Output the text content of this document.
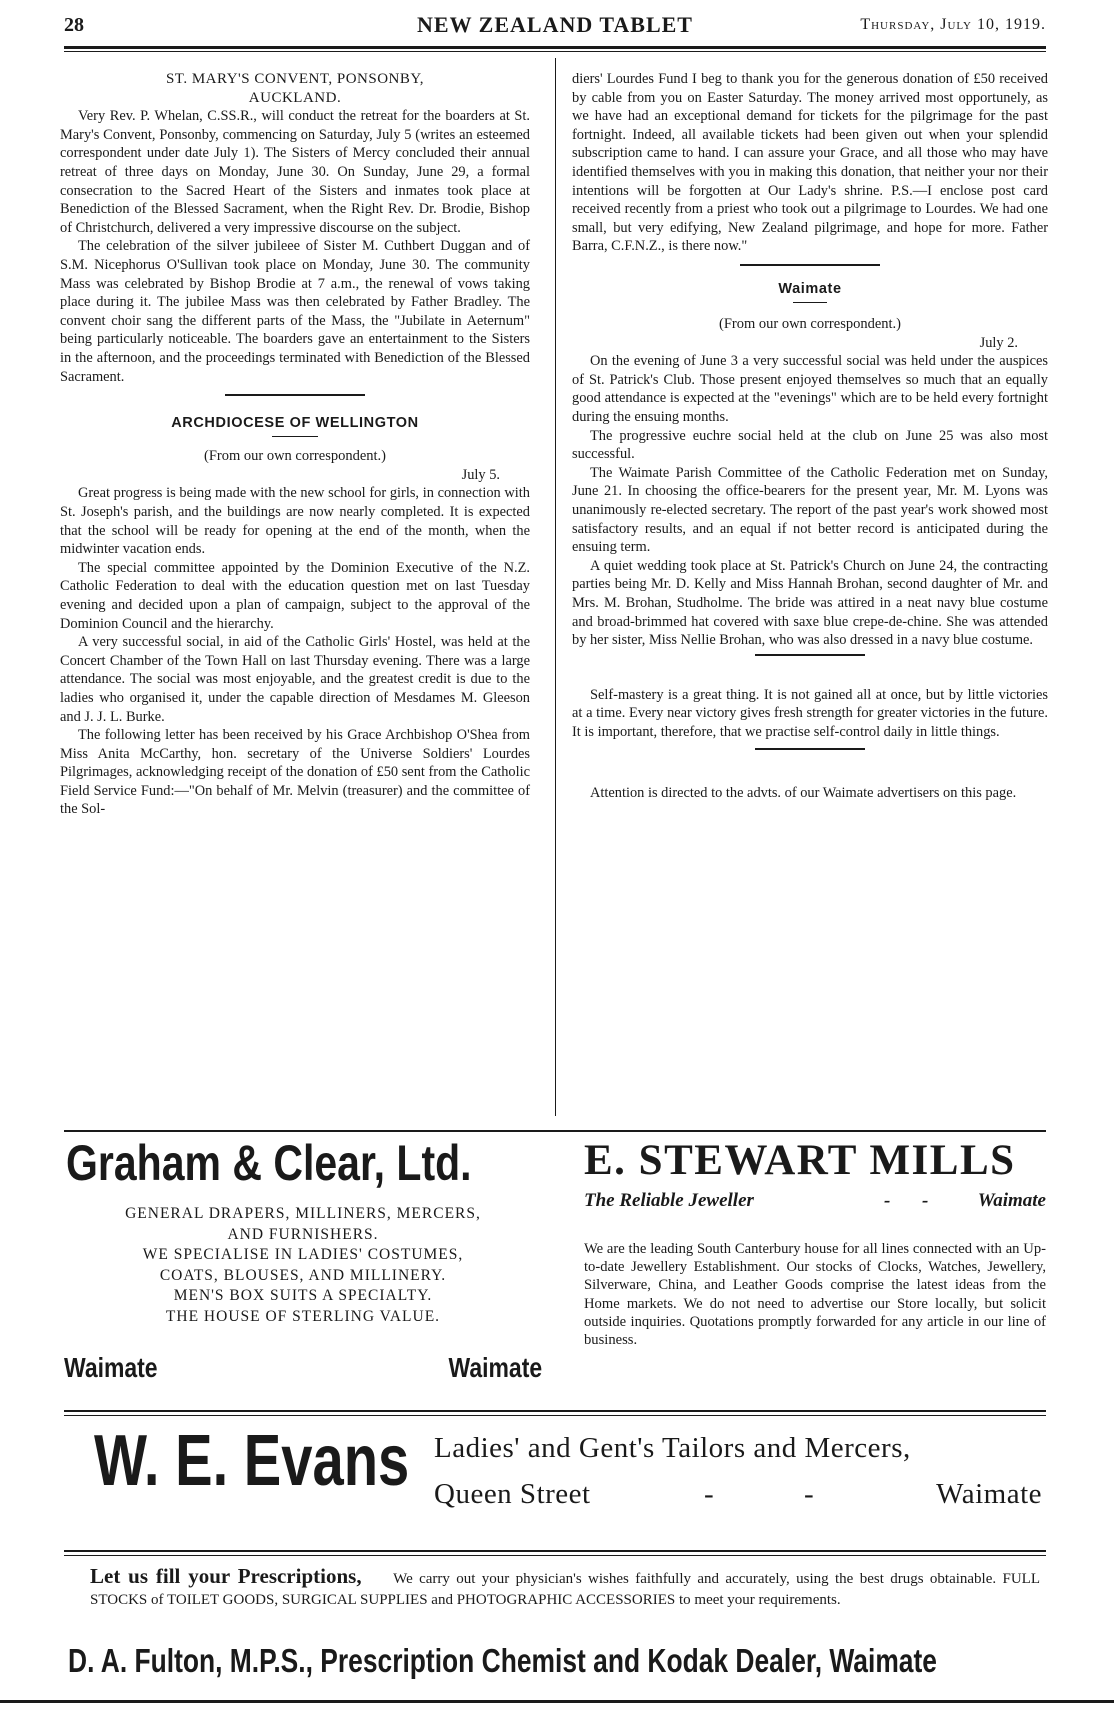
28	NEW ZEALAND TABLET	Thursday, July 10, 1919.

ST. MARY'S CONVENT, PONSONBY,

AUCKLAND.

Very Rev. P. Whelan, C.SS.R., will conduct the retreat for the boarders at St. Mary's Convent, Ponsonby, commencing on Saturday, July 5 (writes an esteemed correspondent under date July 1). The Sisters of Mercy concluded their annual retreat of three days on Monday, June 30. On Sunday, June 29, a formal consecration to the Sacred Heart of the Sisters and inmates took place at Benediction of the Blessed Sacrament, when the Right Rev. Dr. Brodie, Bishop of Christchurch, delivered a very impressive discourse on the subject.

The celebration of the silver jubileee of Sister M. Cuthbert Duggan and of S.M. Nicephorus O'Sullivan took place on Monday, June 30. The community Mass was celebrated by Bishop Brodie at 7 a.m., the renewal of vows taking place during it. The jubilee Mass was then celebrated by Father Bradley. The convent choir sang the different parts of the Mass, the "Jubilate in Aeternum" being particularly noticeable. The boarders gave an entertainment to the Sisters in the afternoon, and the proceedings terminated with Benediction of the Blessed Sacrament.

ARCHDIOCESE OF WELLINGTON

(From our own correspondent.)

July 5.

Great progress is being made with the new school for girls, in connection with St. Joseph's parish, and the buildings are now nearly completed. It is expected that the school will be ready for opening at the end of the month, when the midwinter vacation ends.

The special committee appointed by the Dominion Executive of the N.Z. Catholic Federation to deal with the education question met on last Tuesday evening and decided upon a plan of campaign, subject to the approval of the Dominion Council and the hierarchy.

A very successful social, in aid of the Catholic Girls' Hostel, was held at the Concert Chamber of the Town Hall on last Thursday evening. There was a large attendance. The social was most enjoyable, and the greatest credit is due to the ladies who organised it, under the capable direction of Mesdames M. Gleeson and J. J. L. Burke.

The following letter has been received by his Grace Archbishop O'Shea from Miss Anita McCarthy, hon. secretary of the Universe Soldiers' Lourdes Pilgrimages, acknowledging receipt of the donation of £50 sent from the Catholic Field Service Fund:—"On behalf of Mr. Melvin (treasurer) and the committee of the Sol-

diers' Lourdes Fund I beg to thank you for the generous donation of £50 received by cable from you on Easter Saturday. The money arrived most opportunely, as we have had an exceptional demand for tickets for the pilgrimage for the past fortnight. Indeed, all available tickets had been given out when your splendid subscription came to hand. I can assure your Grace, and all those who may have identified themselves with you in making this donation, that neither your nor their intentions will be forgotten at Our Lady's shrine. P.S.—I enclose post card received recently from a priest who took out a pilgrimage to Lourdes. We had one small, but very edifying, New Zealand pilgrimage, and hope for more. Father Barra, C.F.N.Z., is there now."

Waimate

(From our own correspondent.)

July 2.

On the evening of June 3 a very successful social was held under the auspices of St. Patrick's Club. Those present enjoyed themselves so much that an equally good attendance is expected at the "evenings" which are to be held every fortnight during the ensuing months.

The progressive euchre social held at the club on June 25 was also most successful.

The Waimate Parish Committee of the Catholic Federation met on Sunday, June 21. In choosing the office-bearers for the present year, Mr. M. Lyons was unanimously re-elected secretary. The report of the past year's work showed most satisfactory results, and an equal if not better record is anticipated during the ensuing term.

A quiet wedding took place at St. Patrick's Church on June 24, the contracting parties being Mr. D. Kelly and Miss Hannah Brohan, second daughter of Mr. and Mrs. M. Brohan, Studholme. The bride was attired in a neat navy blue costume and broad-brimmed hat covered with saxe blue crepe-de-chine. She was attended by her sister, Miss Nellie Brohan, who was also dressed in a navy blue costume.

Self-mastery is a great thing. It is not gained all at once, but by little victories at a time. Every near victory gives fresh strength for greater victories in the future. It is important, therefore, that we practise self-control daily in little things.

Attention is directed to the advts. of our Waimate advertisers on this page.

Graham & Clear, Ltd.
GENERAL DRAPERS, MILLINERS, MERCERS,
AND FURNISHERS.
WE SPECIALISE IN LADIES' COSTUMES,
COATS, BLOUSES, AND MILLINERY.
MEN'S BOX SUITS A SPECIALTY.
THE HOUSE OF STERLING VALUE.
Waimate	Waimate
E. STEWART MILLS
The Reliable Jeweller	- -	Waimate
We are the leading South Canterbury house for all lines connected with an Up-to-date Jewellery Establishment. Our stocks of Clocks, Watches, Jewellery, Silverware, China, and Leather Goods comprise the latest ideas from the Home markets. We do not need to advertise our Store locally, but solicit outside inquiries. Quotations promptly forwarded for any article in our line of business.
W. E. Evans Ladies' and Gent's Tailors and Mercers,
Queen Street	-	-	Waimate
Let us fill your Prescriptions, We carry out your physician's wishes faithfully and accurately, using the best drugs obtainable. FULL STOCKS of TOILET GOODS, SURGICAL SUPPLIES and PHOTOGRAPHIC ACCESSORIES to meet your requirements.
D. A. Fulton, M.P.S., Prescription Chemist and Kodak Dealer, Waimate
